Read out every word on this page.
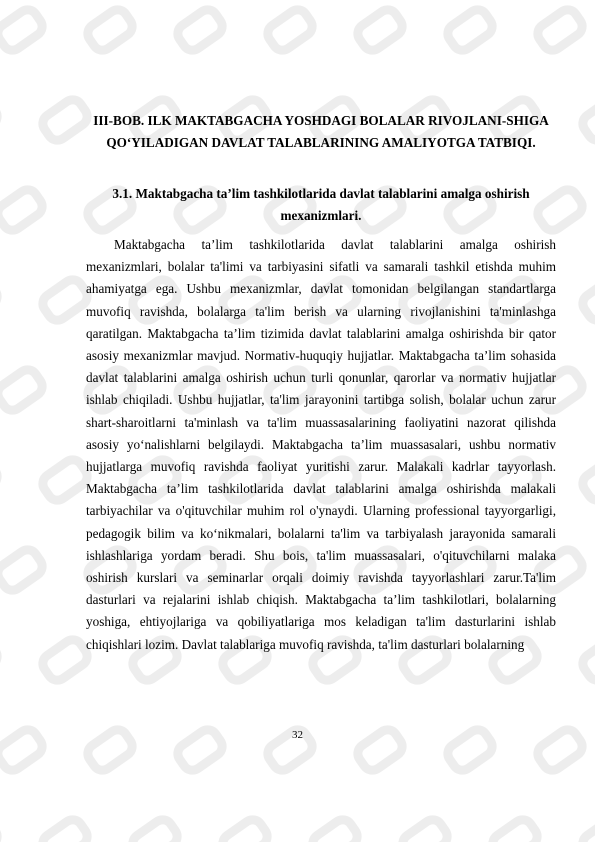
III-BOB. ILK MAKTABGACHA YOSHDAGI BOLALAR RIVOJLANI-SHIGA QO‘YILADIGAN DAVLAT TALABLARINING AMALIYOTGA TATBIQI.
3.1. Maktabgacha ta’lim tashkilotlarida davlat talablarini amalga oshirish mexanizmlari.

Maktabgacha ta’lim tashkilotlarida davlat talablarini amalga oshirish mexanizmlari, bolalar ta'limi va tarbiyasini sifatli va samarali tashkil etishda muhim ahamiyatga ega. Ushbu mexanizmlar, davlat tomonidan belgilangan standartlarga muvofiq ravishda, bolalarga ta'lim berish va ularning rivojlanishini ta'minlashga qaratilgan. Maktabgacha ta’lim tizimida davlat talablarini amalga oshirishda bir qator asosiy mexanizmlar mavjud. Normativ-huquqiy hujjatlar. Maktabgacha ta’lim sohasida davlat talablarini amalga oshirish uchun turli qonunlar, qarorlar va normativ hujjatlar ishlab chiqiladi. Ushbu hujjatlar, ta'lim jarayonini tartibga solish, bolalar uchun zarur shart-sharoitlarni ta'minlash va ta'lim muassasalarining faoliyatini nazorat qilishda asosiy yo‘nalishlarni belgilaydi. Maktabgacha ta’lim muassasalari, ushbu normativ hujjatlarga muvofiq ravishda faoliyat yuritishi zarur. Malakali kadrlar tayyorlash. Maktabgacha ta’lim tashkilotlarida davlat talablarini amalga oshirishda malakali tarbiyachilar va o'qituvchilar muhim rol o'ynaydi. Ularning professional tayyorgarligi, pedagogik bilim va ko‘nikmalari, bolalarni ta'lim va tarbiyalash jarayonida samarali ishlashlariga yordam beradi. Shu bois, ta'lim muassasalari, o'qituvchilarni malaka oshirish kurslari va seminarlar orqali doimiy ravishda tayyorlashlari zarur.Ta'lim dasturlari va rejalarini ishlab chiqish. Maktabgacha ta’lim tashkilotlari, bolalarning yoshiga, ehtiyojlariga va qobiliyatlariga mos keladigan ta'lim dasturlarini ishlab chiqishlari lozim. Davlat talablariga muvofiq ravishda, ta'lim dasturlari bolalarning

32
